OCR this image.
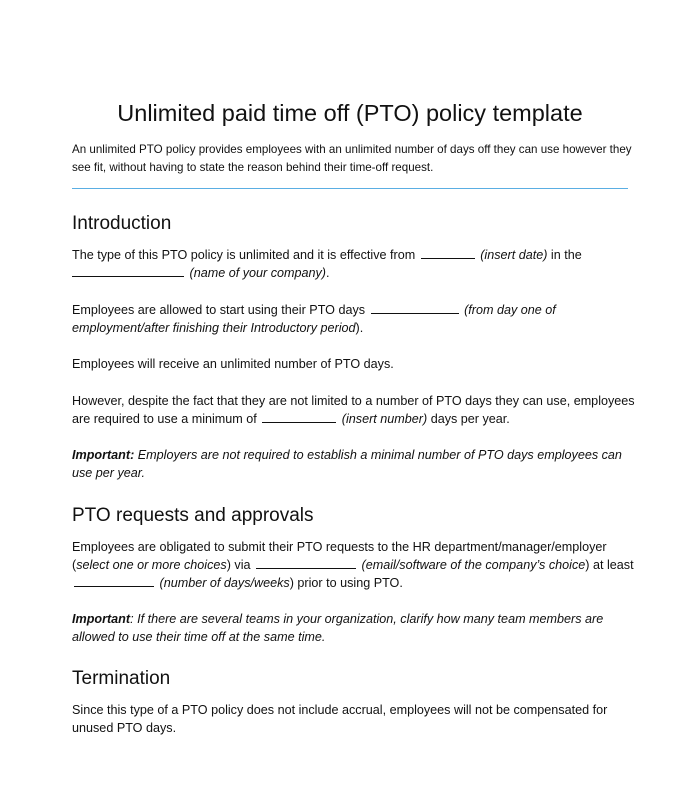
Unlimited paid time off (PTO) policy template

An unlimited PTO policy provides employees with an unlimited number of days off they can use however they see fit, without having to state the reason behind their time-off request.

Introduction

The type of this PTO policy is unlimited and it is effective from	(insert date) in the
(name of your company).

Employees are allowed to start using their PTO days	(from day one of employment/after finishing their Introductory period).

Employees will receive an unlimited number of PTO days.

However, despite the fact that they are not limited to a number of PTO days they can use, employees are required to use a minimum of	(insert number) days per year.

Important: Employers are not required to establish a minimal number of PTO days employees can use per year.

PTO requests and approvals

Employees are obligated to submit their PTO requests to the HR department/manager/employer (select one or more choices) via	(email/software of the company’s choice) at least  (number of days/weeks) prior to using PTO.

Important: If there are several teams in your organization, clarify how many team members are allowed to use their time off at the same time.

Termination

Since this type of a PTO policy does not include accrual, employees will not be compensated for unused PTO days.
